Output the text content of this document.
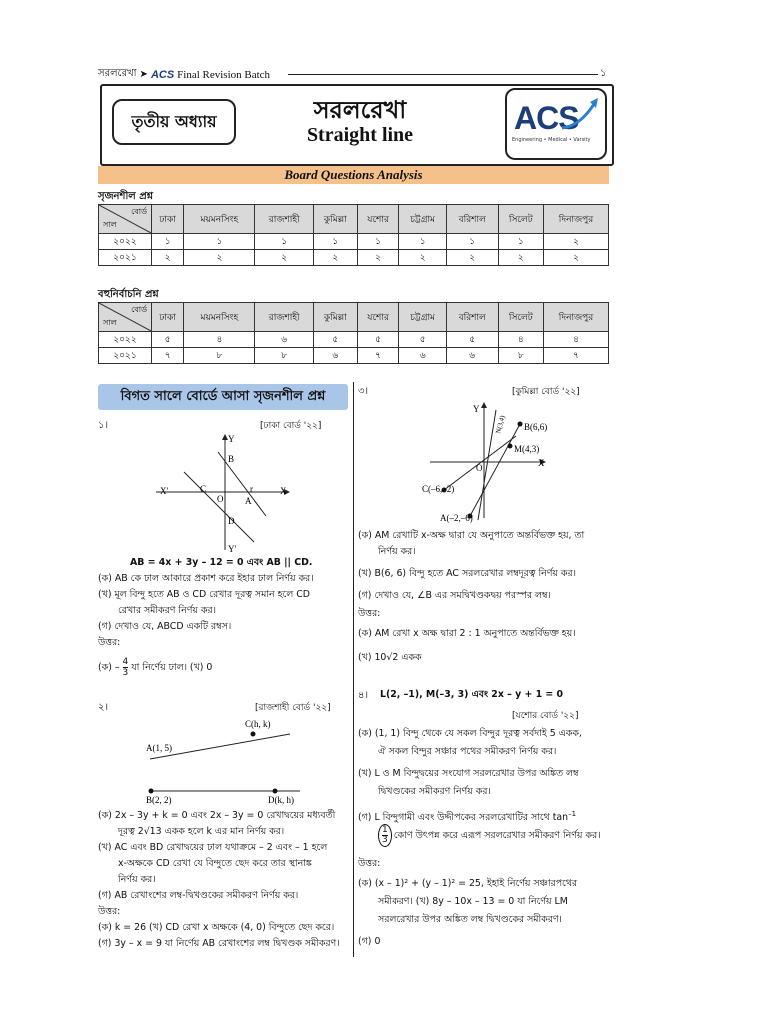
সরলরেখা ➤ ACS Final Revision Batch	১
তৃতীয় অধ্যায়	সরলরেখা
Straight line	ACS
Engineering • Medical • Varsity
Board Questions Analysis
সৃজনশীল প্রশ্ন
বোর্ড
সাল	ঢাকা	ময়মনসিংহ	রাজশাহী	কুমিল্লা	যশোর	চট্টগ্রাম	বরিশাল	সিলেট	দিনাজপুর
২০২২	১	১	১	১	১	১	১	১	২
২০২১	২	২	২	২	২	২	২	২	২
বহুনির্বাচনি প্রশ্ন
বোর্ড
সাল	ঢাকা	ময়মনসিংহ	রাজশাহী	কুমিল্লা	যশোর	চট্টগ্রাম	বরিশাল	সিলেট	দিনাজপুর
২০২২	৫	৪	৬	৫	৫	৫	৫	৪	৪
২০২১	৭	৮	৮	৬	৭	৬	৬	৮	৭
বিগত সালে বোর্ডে আসা সৃজনশীল প্রশ্ন
১।	[ঢাকা বোর্ড '২২]
Y
B
X'	C	r	X
O A
D
Y'
AB = 4x + 3y – 12 = 0 এবং AB || CD.
(ক) AB কে ঢাল আকারে প্রকাশ করে ইহার ঢাল নির্ণয় কর।
(খ) মূল বিন্দু হতে AB ও CD রেখার দূরত্ব সমান হলে CD
রেখার সমীকরণ নির্ণয় কর।
(গ) দেখাও যে, ABCD একটি রম্বস।
উত্তর:
(ক) – $\frac{4}{3}$ যা নির্ণেয় ঢাল। (খ) 0
২।	[রাজশাহী বোর্ড '২২]
C(h, k)
A(1, 5)
B(2, 2)	D(k, h)
(ক) 2x – 3y + k = 0 এবং 2x – 3y = 0 রেখাদ্বয়ের মধ্যবর্তী
দূরত্ব 2√13 একক হলে k এর মান নির্ণয় কর।
(খ) AC এবং BD রেখাদ্বয়ের ঢাল যথাক্রমে – 2 এবং – 1 হলে
x-অক্ষকে CD রেখা যে বিন্দুতে ছেদ করে তার স্থানাঙ্ক
নির্ণয় কর।
(গ) AB রেখাংশের লম্ব-দ্বিখণ্ডকের সমীকরণ নির্ণয় কর।
উত্তর:
(ক) k = 26 (খ) CD রেখা x অক্ষকে (4, 0) বিন্দুতে ছেদ করে।
(গ) 3y – x = 9 যা নির্ণেয় AB রেখাংশের লম্ব দ্বিখণ্ডক সমীকরণ।
৩।	[কুমিল্লা বোর্ড '২২]
Y
N(3,4) B(6,6)
M(4,3)
X
O
C(–6,–2)
A(–2,–6)
(ক) AM রেখাটি x-অক্ষ দ্বারা যে অনুপাতে অন্তর্বিভক্ত হয়, তা
নির্ণয় কর।
(খ) B(6, 6) বিন্দু হতে AC সরলরেখার লম্বদূরত্ব নির্ণয় কর।
(গ) দেখাও যে, ∠B এর সমদ্বিখণ্ডকদ্বয় পরস্পর লম্ব।
উত্তর:
(ক) AM রেখা x অক্ষ দ্বারা 2 : 1 অনুপাতে অন্তর্বিভক্ত হয়।
(খ) 10√2 একক
৪। L(2, –1), M(–3, 3) এবং 2x – y + 1 = 0
[যশোর বোর্ড '২২]
(ক) (1, 1) বিন্দু থেকে যে সকল বিন্দুর দূরত্ব সর্বদাই 5 একক,
ঐ সকল বিন্দুর সঞ্চার পথের সমীকরণ নির্ণয় কর।
(খ) L ও M বিন্দুদ্বয়ের সংযোগ সরলরেখার উপর অঙ্কিত লম্ব
দ্বিখণ্ডকের সমীকরণ নির্ণয় কর।
(গ) L বিন্দুগামী এবং উদ্দীপকের সরলরেখাটির সাথে $\tan^{-1}$
1
3 কোণ উৎপন্ন করে এরূপ সরলরেখার সমীকরণ নির্ণয় কর।
উত্তর:
(ক) (x – 1)² + (y – 1)² = 25, ইহাই নির্ণেয় সঞ্চারপথের
সমীকরণ। (খ) 8y – 10x – 13 = 0 যা নির্ণেয় LM
সরলরেখার উপর অঙ্কিত লম্ব দ্বিখণ্ডকের সমীকরণ।
(গ) 0
